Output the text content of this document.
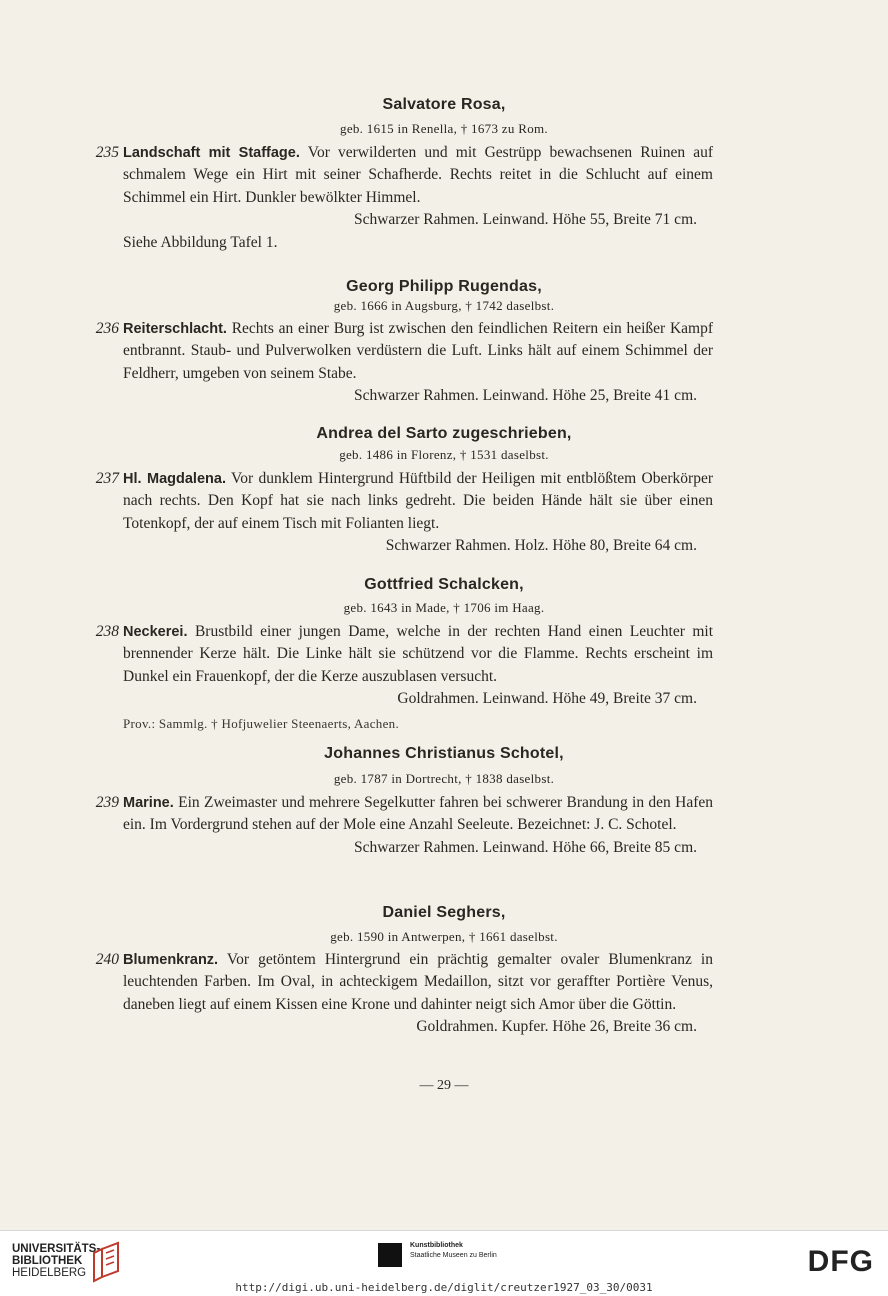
Salvatore Rosa,
geb. 1615 in Renella, † 1673 zu Rom.
235 Landschaft mit Staffage. Vor verwilderten und mit Gestrüpp bewachsenen Ruinen auf schmalem Wege ein Hirt mit seiner Schafherde. Rechts reitet in die Schlucht auf einem Schimmel ein Hirt. Dunkler bewölkter Himmel.
Schwarzer Rahmen. Leinwand. Höhe 55, Breite 71 cm.
Siehe Abbildung Tafel 1.
Georg Philipp Rugendas,
geb. 1666 in Augsburg, † 1742 daselbst.
236 Reiterschlacht. Rechts an einer Burg ist zwischen den feindlichen Reitern ein heißer Kampf entbrannt. Staub- und Pulverwolken verdüstern die Luft. Links hält auf einem Schimmel der Feldherr, umgeben von seinem Stabe.
Schwarzer Rahmen. Leinwand. Höhe 25, Breite 41 cm.
Andrea del Sarto zugeschrieben,
geb. 1486 in Florenz, † 1531 daselbst.
237 Hl. Magdalena. Vor dunklem Hintergrund Hüftbild der Heiligen mit entblößtem Oberkörper nach rechts. Den Kopf hat sie nach links gedreht. Die beiden Hände hält sie über einen Totenkopf, der auf einem Tisch mit Folianten liegt.
Schwarzer Rahmen. Holz. Höhe 80, Breite 64 cm.
Gottfried Schalcken,
geb. 1643 in Made, † 1706 im Haag.
238 Neckerei. Brustbild einer jungen Dame, welche in der rechten Hand einen Leuchter mit brennender Kerze hält. Die Linke hält sie schützend vor die Flamme. Rechts erscheint im Dunkel ein Frauenkopf, der die Kerze auszublasen versucht.
Goldrahmen. Leinwand. Höhe 49, Breite 37 cm.
Prov.: Sammlg. † Hofjuwelier Steenaerts, Aachen.
Johannes Christianus Schotel,
geb. 1787 in Dortrecht, † 1838 daselbst.
239 Marine. Ein Zweimaster und mehrere Segelkutter fahren bei schwerer Brandung in den Hafen ein. Im Vordergrund stehen auf der Mole eine Anzahl Seeleute. Bezeichnet: J. C. Schotel.
Schwarzer Rahmen. Leinwand. Höhe 66, Breite 85 cm.
Daniel Seghers,
geb. 1590 in Antwerpen, † 1661 daselbst.
240 Blumenkranz. Vor getöntem Hintergrund ein prächtig gemalter ovaler Blumenkranz in leuchtenden Farben. Im Oval, in achteckigem Medaillon, sitzt vor geraffter Portière Venus, daneben liegt auf einem Kissen eine Krone und dahinter neigt sich Amor über die Göttin.
Goldrahmen. Kupfer. Höhe 26, Breite 36 cm.
— 29 —
UNIVERSITÄTS-
BIBLIOTHEK
HEIDELBERG
Kunstbibliothek
Staatliche Museen zu Berlin	DFG
http://digi.ub.uni-heidelberg.de/diglit/creutzer1927_03_30/0031
